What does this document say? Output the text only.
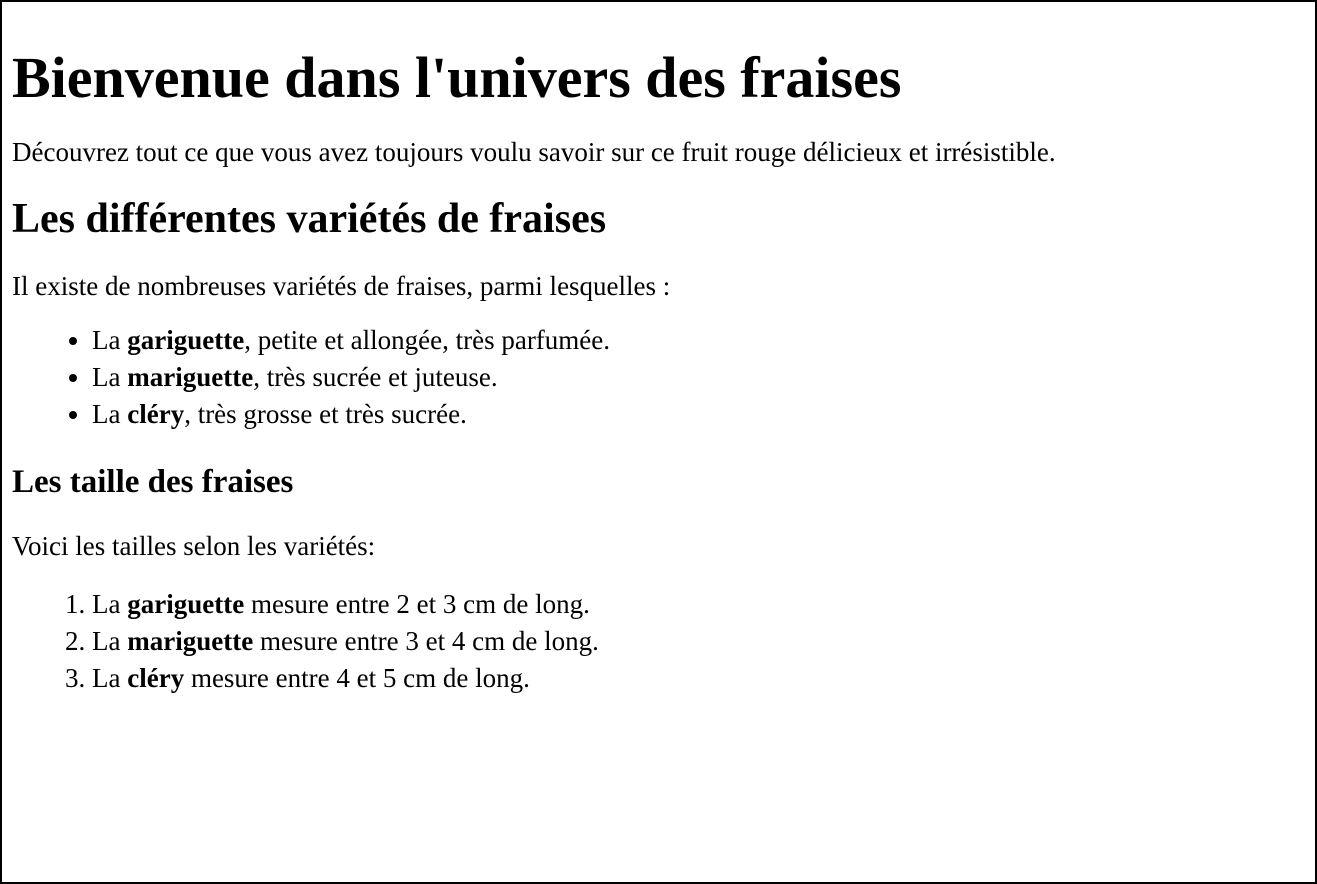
Bienvenue dans l'univers des fraises

Découvrez tout ce que vous avez toujours voulu savoir sur ce fruit rouge délicieux et irrésistible.

Les différentes variétés de fraises

Il existe de nombreuses variétés de fraises, parmi lesquelles :

• La gariguette, petite et allongée, très parfumée.
• La mariguette, très sucrée et juteuse.
• La cléry, très grosse et très sucrée.
Les taille des fraises

Voici les tailles selon les variétés:

1. La gariguette mesure entre 2 et 3 cm de long.
2. La mariguette mesure entre 3 et 4 cm de long.
3. La cléry mesure entre 4 et 5 cm de long.
